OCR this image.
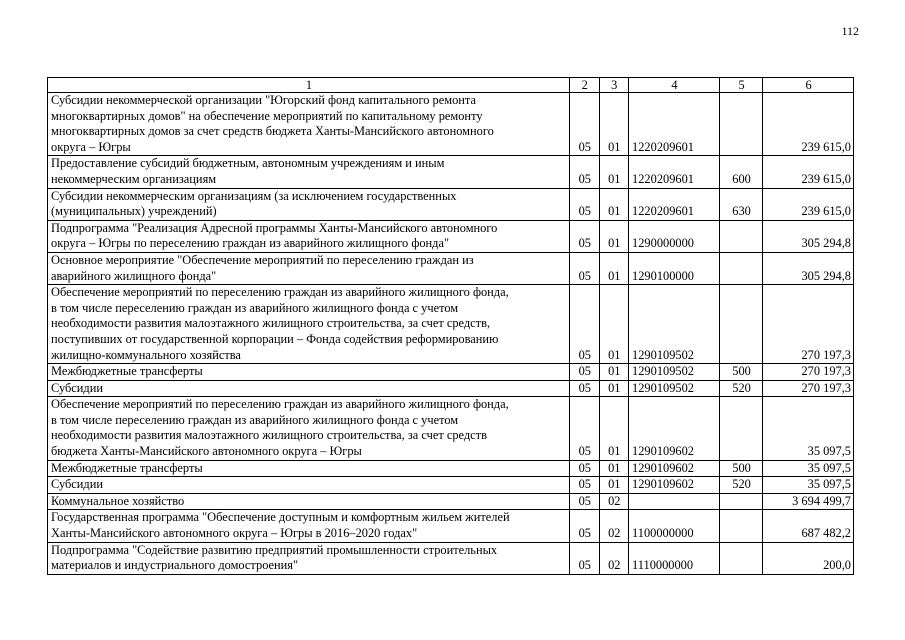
112
1	2	3	4	5	6

Субсидии некоммерческой организации "Югорский фонд капитального ремонта
многоквартирных домов" на обеспечение мероприятий по капитальному ремонту
многоквартирных домов за счет средств бюджета Ханты-Мансийского автономного
округа – Югры	05	01	1220209601		239 615,0

Предоставление субсидий бюджетным, автономным учреждениям и иным
некоммерческим организациям	05	01	1220209601	600	239 615,0

Субсидии некоммерческим организациям (за исключением государственных
(муниципальных) учреждений)	05	01	1220209601	630	239 615,0

Подпрограмма "Реализация Адресной программы Ханты-Мансийского автономного
округа – Югры по переселению граждан из аварийного жилищного фонда"	05	01	1290000000		305 294,8

Основное мероприятие "Обеспечение мероприятий по переселению граждан из
аварийного жилищного фонда"	05	01	1290100000		305 294,8

Обеспечение мероприятий по переселению граждан из аварийного жилищного фонда,
в том числе переселению граждан из аварийного жилищного фонда с учетом
необходимости развития малоэтажного жилищного строительства, за счет средств,
поступивших от государственной корпорации – Фонда содействия реформированию
жилищно-коммунального хозяйства	05	01	1290109502		270 197,3

Межбюджетные трансферты	05	01	1290109502	500	270 197,3

Субсидии	05	01	1290109502	520	270 197,3

Обеспечение мероприятий по переселению граждан из аварийного жилищного фонда,
в том числе переселению граждан из аварийного жилищного фонда с учетом
необходимости развития малоэтажного жилищного строительства, за счет средств
бюджета Ханты-Мансийского автономного округа – Югры	05	01	1290109602		35 097,5

Межбюджетные трансферты	05	01	1290109602	500	35 097,5

Субсидии	05	01	1290109602	520	35 097,5

Коммунальное хозяйство	05	02			3 694 499,7

Государственная программа "Обеспечение доступным и комфортным жильем жителей
Ханты-Мансийского автономного округа – Югры в 2016–2020 годах"	05	02	1100000000		687 482,2

Подпрограмма "Содействие развитию предприятий промышленности строительных
материалов и индустриального домостроения"	05	02	1110000000		200,0
